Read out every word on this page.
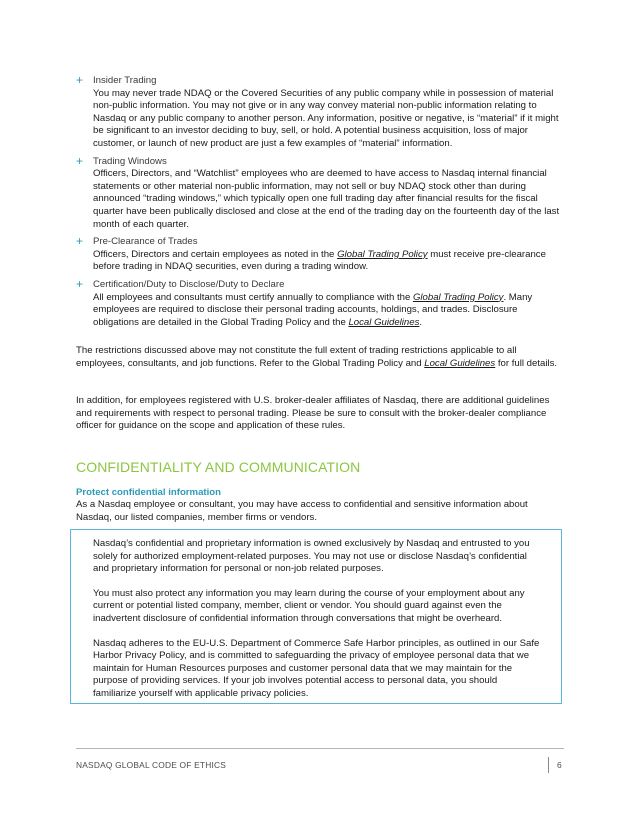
+ Insider Trading
You may never trade NDAQ or the Covered Securities of any public company while in possession of material non-public information. You may not give or in any way convey material non-public information relating to Nasdaq or any public company to another person. Any information, positive or negative, is “material” if it might be significant to an investor deciding to buy, sell, or hold. A potential business acquisition, loss of major customer, or launch of new product are just a few examples of “material” information.
+ Trading Windows
Officers, Directors, and “Watchlist” employees who are deemed to have access to Nasdaq internal financial statements or other material non-public information, may not sell or buy NDAQ stock other than during announced “trading windows,” which typically open one full trading day after financial results for the fiscal quarter have been publically disclosed and close at the end of the trading day on the fourteenth day of the last month of each quarter.
+ Pre-Clearance of Trades
Officers, Directors and certain employees as noted in the Global Trading Policy must receive pre-clearance before trading in NDAQ securities, even during a trading window.
+ Certification/Duty to Disclose/Duty to Declare
All employees and consultants must certify annually to compliance with the Global Trading Policy. Many employees are required to disclose their personal trading accounts, holdings, and trades. Disclosure obligations are detailed in the Global Trading Policy and the Local Guidelines.
The restrictions discussed above may not constitute the full extent of trading restrictions applicable to all employees, consultants, and job functions. Refer to the Global Trading Policy and Local Guidelines for full details.
In addition, for employees registered with U.S. broker-dealer affiliates of Nasdaq, there are additional guidelines and requirements with respect to personal trading. Please be sure to consult with the broker-dealer compliance officer for guidance on the scope and application of these rules.
CONFIDENTIALITY AND COMMUNICATION
Protect confidential information
As a Nasdaq employee or consultant, you may have access to confidential and sensitive information about Nasdaq, our listed companies, member firms or vendors.

Nasdaq’s confidential and proprietary information is owned exclusively by Nasdaq and entrusted to you solely for authorized employment-related purposes. You may not use or disclose Nasdaq’s confidential and proprietary information for personal or non-job related purposes.

You must also protect any information you may learn during the course of your employment about any current or potential listed company, member, client or vendor. You should guard against even the inadvertent disclosure of confidential information through conversations that might be overheard.

Nasdaq adheres to the EU-U.S. Department of Commerce Safe Harbor principles, as outlined in our Safe Harbor Privacy Policy, and is committed to safeguarding the privacy of employee personal data that we maintain for Human Resources purposes and customer personal data that we may maintain for the purpose of providing services. If your job involves potential access to personal data, you should familiarize yourself with applicable privacy policies.

NASDAQ GLOBAL CODE OF ETHICS	6
